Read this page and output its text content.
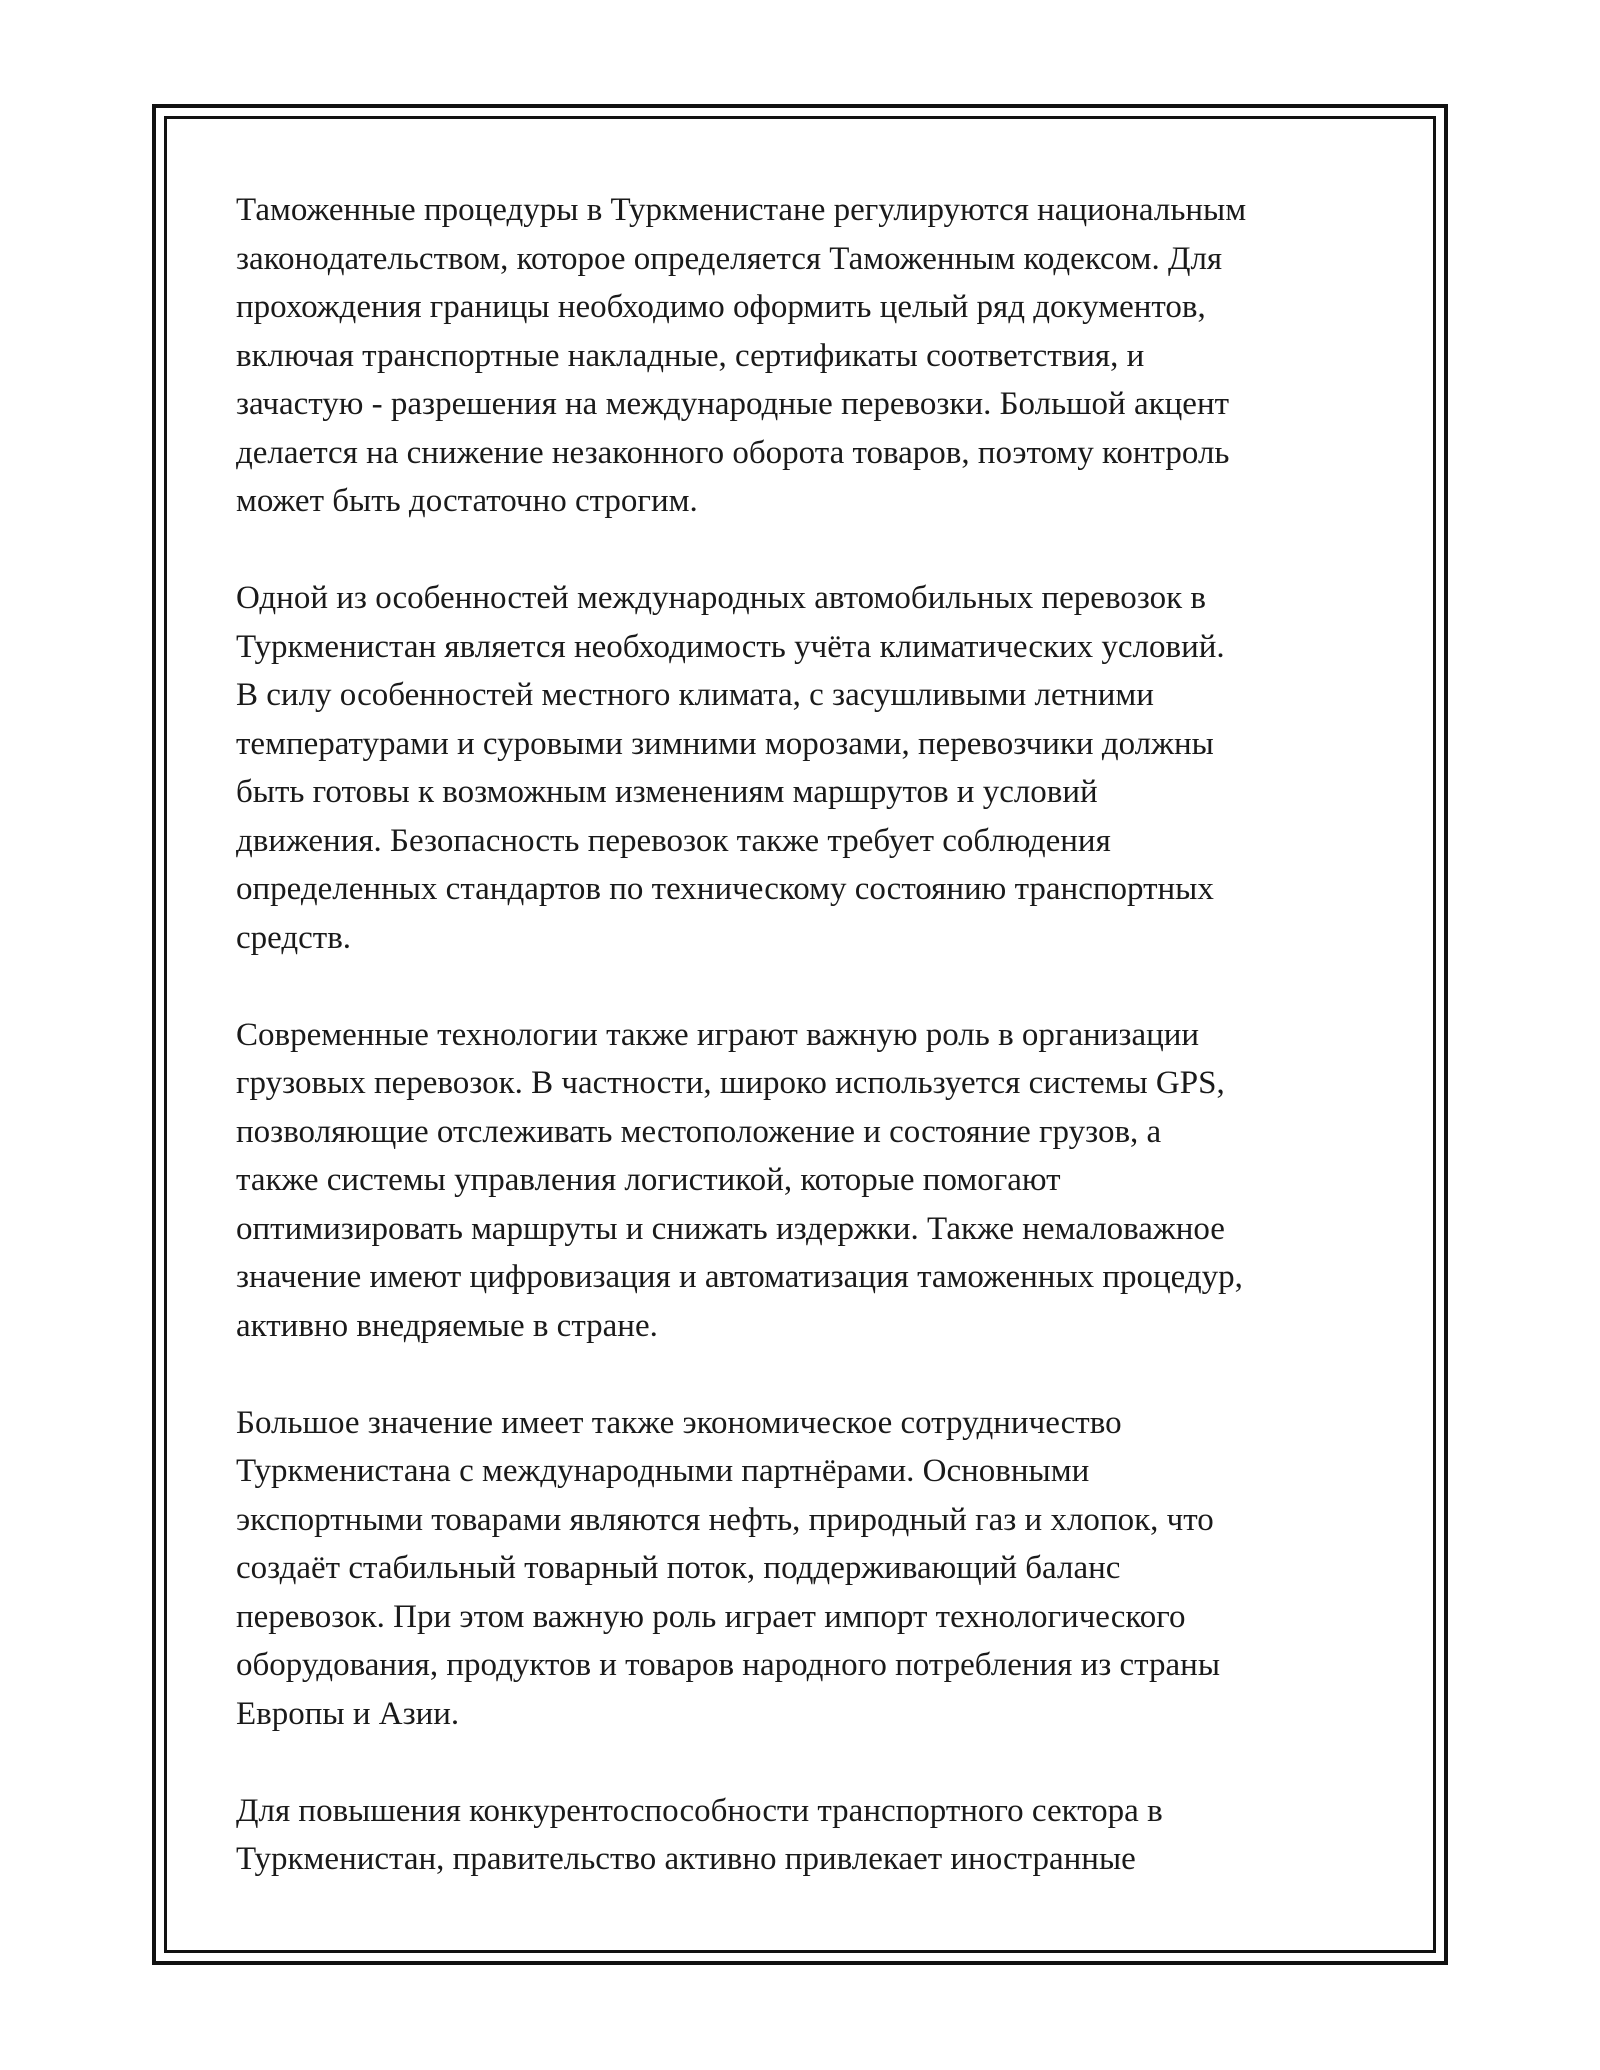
Таможенные процедуры в Туркменистане регулируются национальным
законодательством, которое определяется Таможенным кодексом. Для
прохождения границы необходимо оформить целый ряд документов,
включая транспортные накладные, сертификаты соответствия, и
зачастую - разрешения на международные перевозки. Большой акцент
делается на снижение незаконного оборота товаров, поэтому контроль
может быть достаточно строгим.

Одной из особенностей международных автомобильных перевозок в
Туркменистан является необходимость учёта климатических условий.
В силу особенностей местного климата, с засушливыми летними
температурами и суровыми зимними морозами, перевозчики должны
быть готовы к возможным изменениям маршрутов и условий
движения. Безопасность перевозок также требует соблюдения
определенных стандартов по техническому состоянию транспортных
средств.

Современные технологии также играют важную роль в организации
грузовых перевозок. В частности, широко используется системы GPS,
позволяющие отслеживать местоположение и состояние грузов, а
также системы управления логистикой, которые помогают
оптимизировать маршруты и снижать издержки. Также немаловажное
значение имеют цифровизация и автоматизация таможенных процедур,
активно внедряемые в стране.

Большое значение имеет также экономическое сотрудничество
Туркменистана с международными партнёрами. Основными
экспортными товарами являются нефть, природный газ и хлопок, что
создаёт стабильный товарный поток, поддерживающий баланс
перевозок. При этом важную роль играет импорт технологического
оборудования, продуктов и товаров народного потребления из страны
Европы и Азии.

Для повышения конкурентоспособности транспортного сектора в
Туркменистан, правительство активно привлекает иностранные
